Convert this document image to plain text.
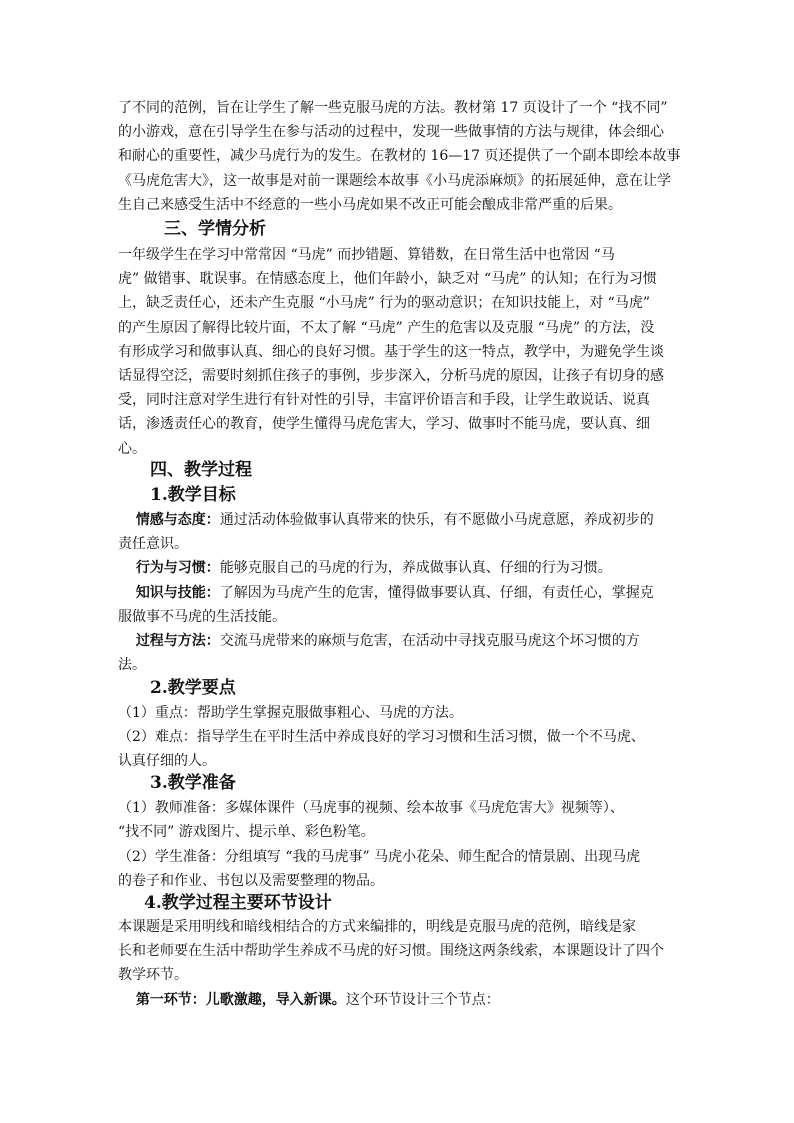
了不同的范例，旨在让学生了解一些克服马虎的方法。教材第 17 页设计了一个 “找不同”
的小游戏，意在引导学生在参与活动的过程中，发现一些做事情的方法与规律，体会细心
和耐心的重要性，减少马虎行为的发生。在教材的 16—17 页还提供了一个副本即绘本故事
《马虎危害大》，这一故事是对前一课题绘本故事《小马虎添麻烦》的拓展延伸，意在让学
生自己来感受生活中不经意的一些小马虎如果不改正可能会酿成非常严重的后果。
三、学情分析
一年级学生在学习中常常因 “马虎” 而抄错题、算错数，在日常生活中也常因 “马
虎” 做错事、耽误事。在情感态度上，他们年龄小，缺乏对 “马虎” 的认知；在行为习惯
上，缺乏责任心，还未产生克服 “小马虎” 行为的驱动意识；在知识技能上，对 “马虎”
的产生原因了解得比较片面，不太了解 “马虎” 产生的危害以及克服 “马虎” 的方法，没
有形成学习和做事认真、细心的良好习惯。基于学生的这一特点，教学中，为避免学生谈
话显得空泛，需要时刻抓住孩子的事例，步步深入，分析马虎的原因，让孩子有切身的感
受，同时注意对学生进行有针对性的引导，丰富评价语言和手段，让学生敢说话、说真
话，渗透责任心的教育，使学生懂得马虎危害大，学习、做事时不能马虎，要认真、细
心。
四、教学过程
1.教学目标
情感与态度：通过活动体验做事认真带来的快乐，有不愿做小马虎意愿，养成初步的
责任意识。
行为与习惯：能够克服自己的马虎的行为，养成做事认真、仔细的行为习惯。
知识与技能：了解因为马虎产生的危害，懂得做事要认真、仔细，有责任心，掌握克
服做事不马虎的生活技能。
过程与方法：交流马虎带来的麻烦与危害，在活动中寻找克服马虎这个坏习惯的方
法。
2.教学要点
（1）重点：帮助学生掌握克服做事粗心、马虎的方法。
（2）难点：指导学生在平时生活中养成良好的学习习惯和生活习惯，做一个不马虎、
认真仔细的人。
3.教学准备
（1）教师准备：多媒体课件（马虎事的视频、绘本故事《马虎危害大》视频等）、
“找不同” 游戏图片、提示单、彩色粉笔。
（2）学生准备：分组填写 “我的马虎事” 马虎小花朵、师生配合的情景剧、出现马虎
的卷子和作业、书包以及需要整理的物品。
4.教学过程主要环节设计
本课题是采用明线和暗线相结合的方式来编排的，明线是克服马虎的范例，暗线是家
长和老师要在生活中帮助学生养成不马虎的好习惯。围绕这两条线索，本课题设计了四个
教学环节。
第一环节：儿歌激趣，导入新课。这个环节设计三个节点：
